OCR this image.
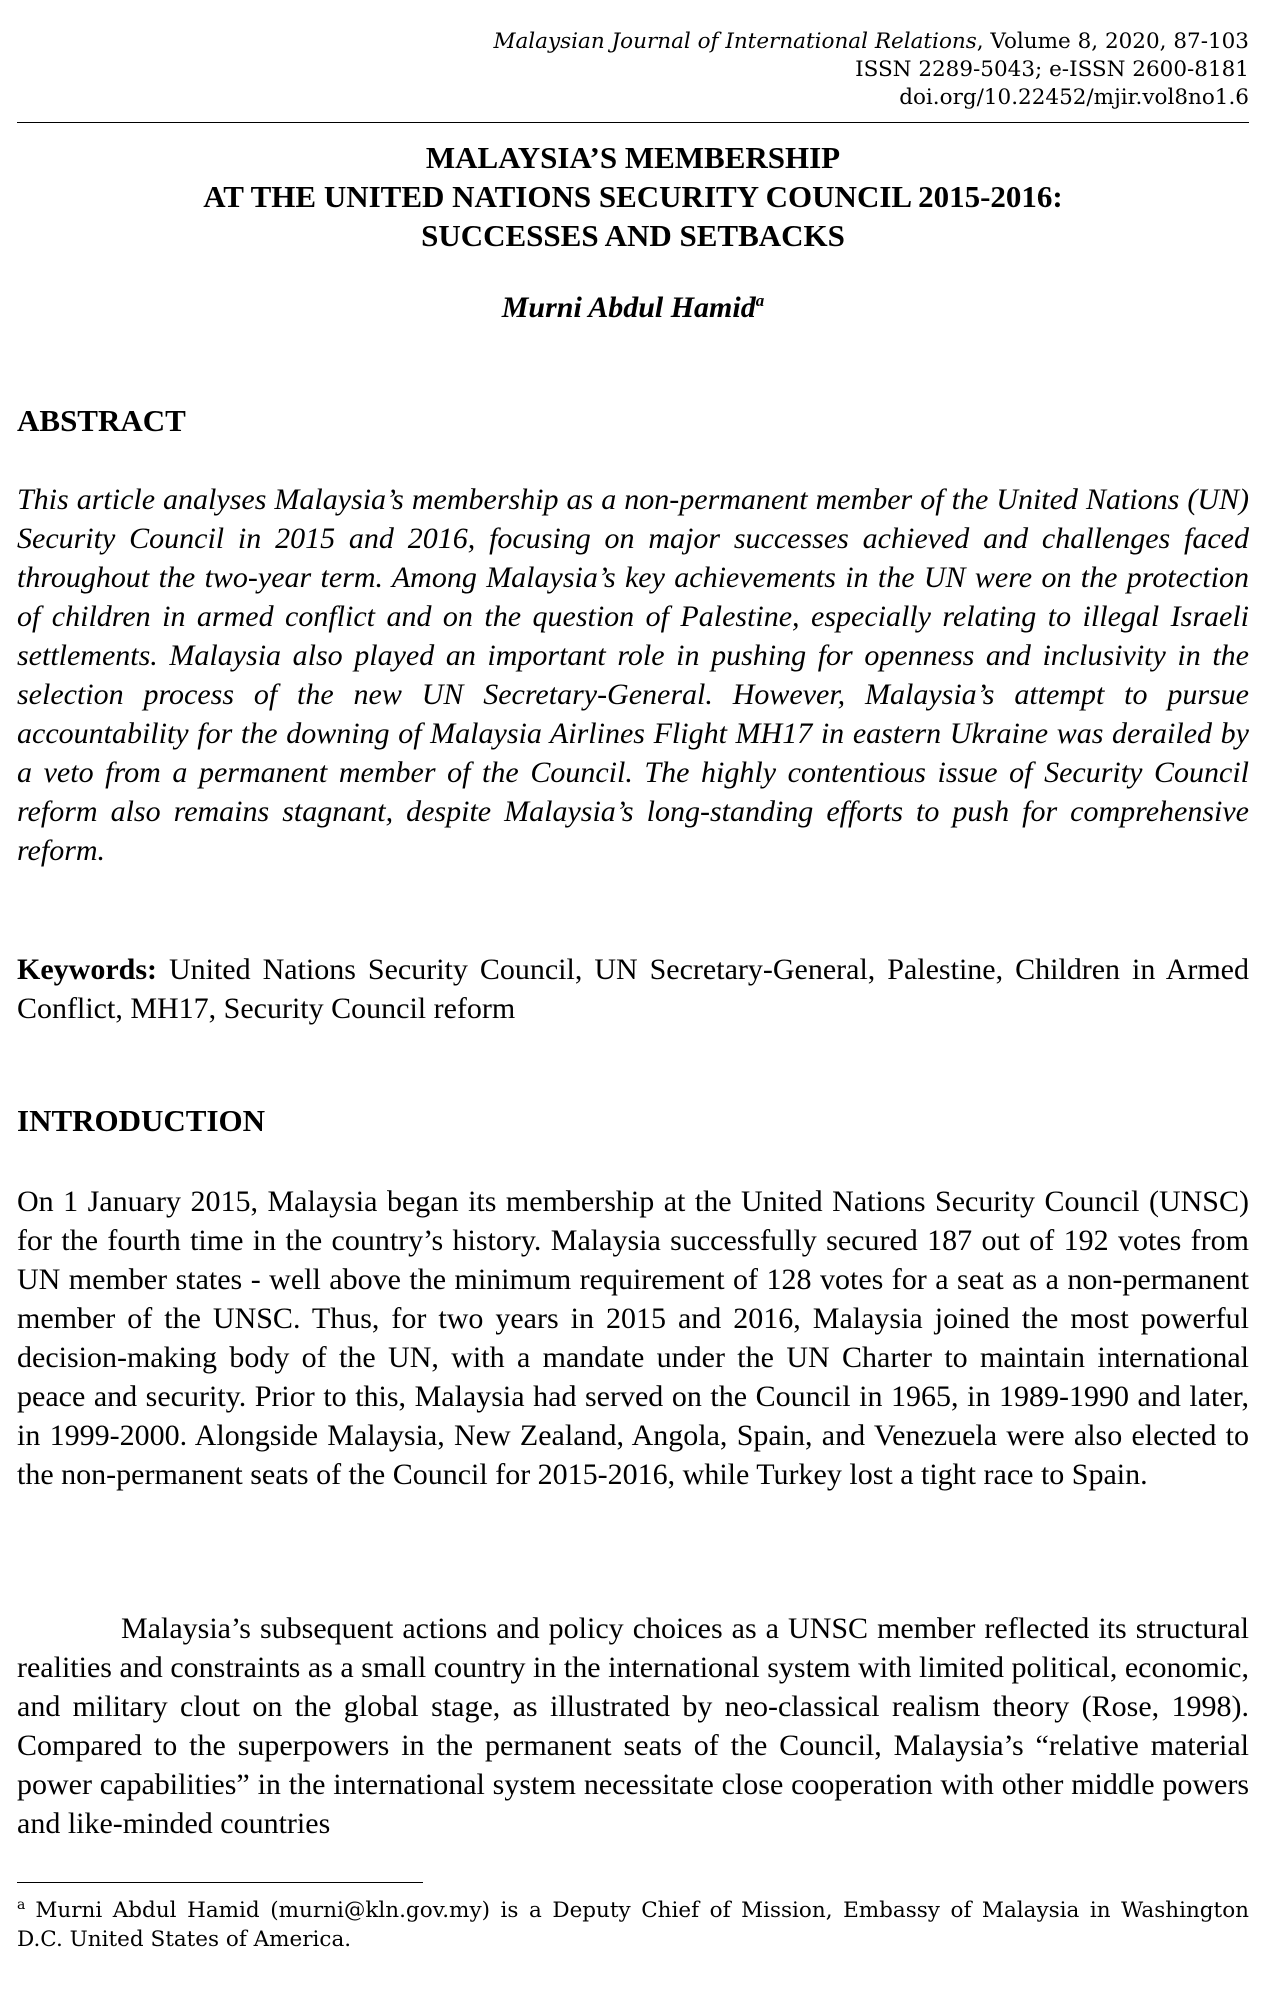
Malaysian Journal of International Relations, Volume 8, 2020, 87-103
ISSN 2289-5043; e-ISSN 2600-8181
doi.org/10.22452/mjir.vol8no1.6
MALAYSIA’S MEMBERSHIP
AT THE UNITED NATIONS SECURITY COUNCIL 2015-2016:
SUCCESSES AND SETBACKS
Murni Abdul Hamid$^a$
ABSTRACT

This article analyses Malaysia’s membership as a non-permanent member of the United Nations (UN) Security Council in 2015 and 2016, focusing on major successes achieved and challenges faced throughout the two-year term. Among Malaysia’s key achievements in the UN were on the protection of children in armed conflict and on the question of Palestine, especially relating to illegal Israeli settlements. Malaysia also played an important role in pushing for openness and inclusivity in the selection process of the new UN Secretary-General. However, Malaysia’s attempt to pursue accountability for the downing of Malaysia Airlines Flight MH17 in eastern Ukraine was derailed by a veto from a permanent member of the Council. The highly contentious issue of Security Council reform also remains stagnant, despite Malaysia’s long-standing efforts to push for comprehensive reform.

Keywords: United Nations Security Council, UN Secretary-General, Palestine, Children in Armed Conflict, MH17, Security Council reform

INTRODUCTION

On 1 January 2015, Malaysia began its membership at the United Nations Security Council (UNSC) for the fourth time in the country’s history. Malaysia successfully secured 187 out of 192 votes from UN member states - well above the minimum requirement of 128 votes for a seat as a non-permanent member of the UNSC. Thus, for two years in 2015 and 2016, Malaysia joined the most powerful decision-making body of the UN, with a mandate under the UN Charter to maintain international peace and security. Prior to this, Malaysia had served on the Council in 1965, in 1989-1990 and later, in 1999-2000. Alongside Malaysia, New Zealand, Angola, Spain, and Venezuela were also elected to the non-permanent seats of the Council for 2015-2016, while Turkey lost a tight race to Spain.

Malaysia’s subsequent actions and policy choices as a UNSC member reflected its structural realities and constraints as a small country in the international system with limited political, economic, and military clout on the global stage, as illustrated by neo-classical realism theory (Rose, 1998). Compared to the superpowers in the permanent seats of the Council, Malaysia’s “relative material power capabilities” in the international system necessitate close cooperation with other middle powers and like-minded countries

$^a$ Murni Abdul Hamid (murni@kln.gov.my) is a Deputy Chief of Mission, Embassy of Malaysia in Washington D.C. United States of America.
